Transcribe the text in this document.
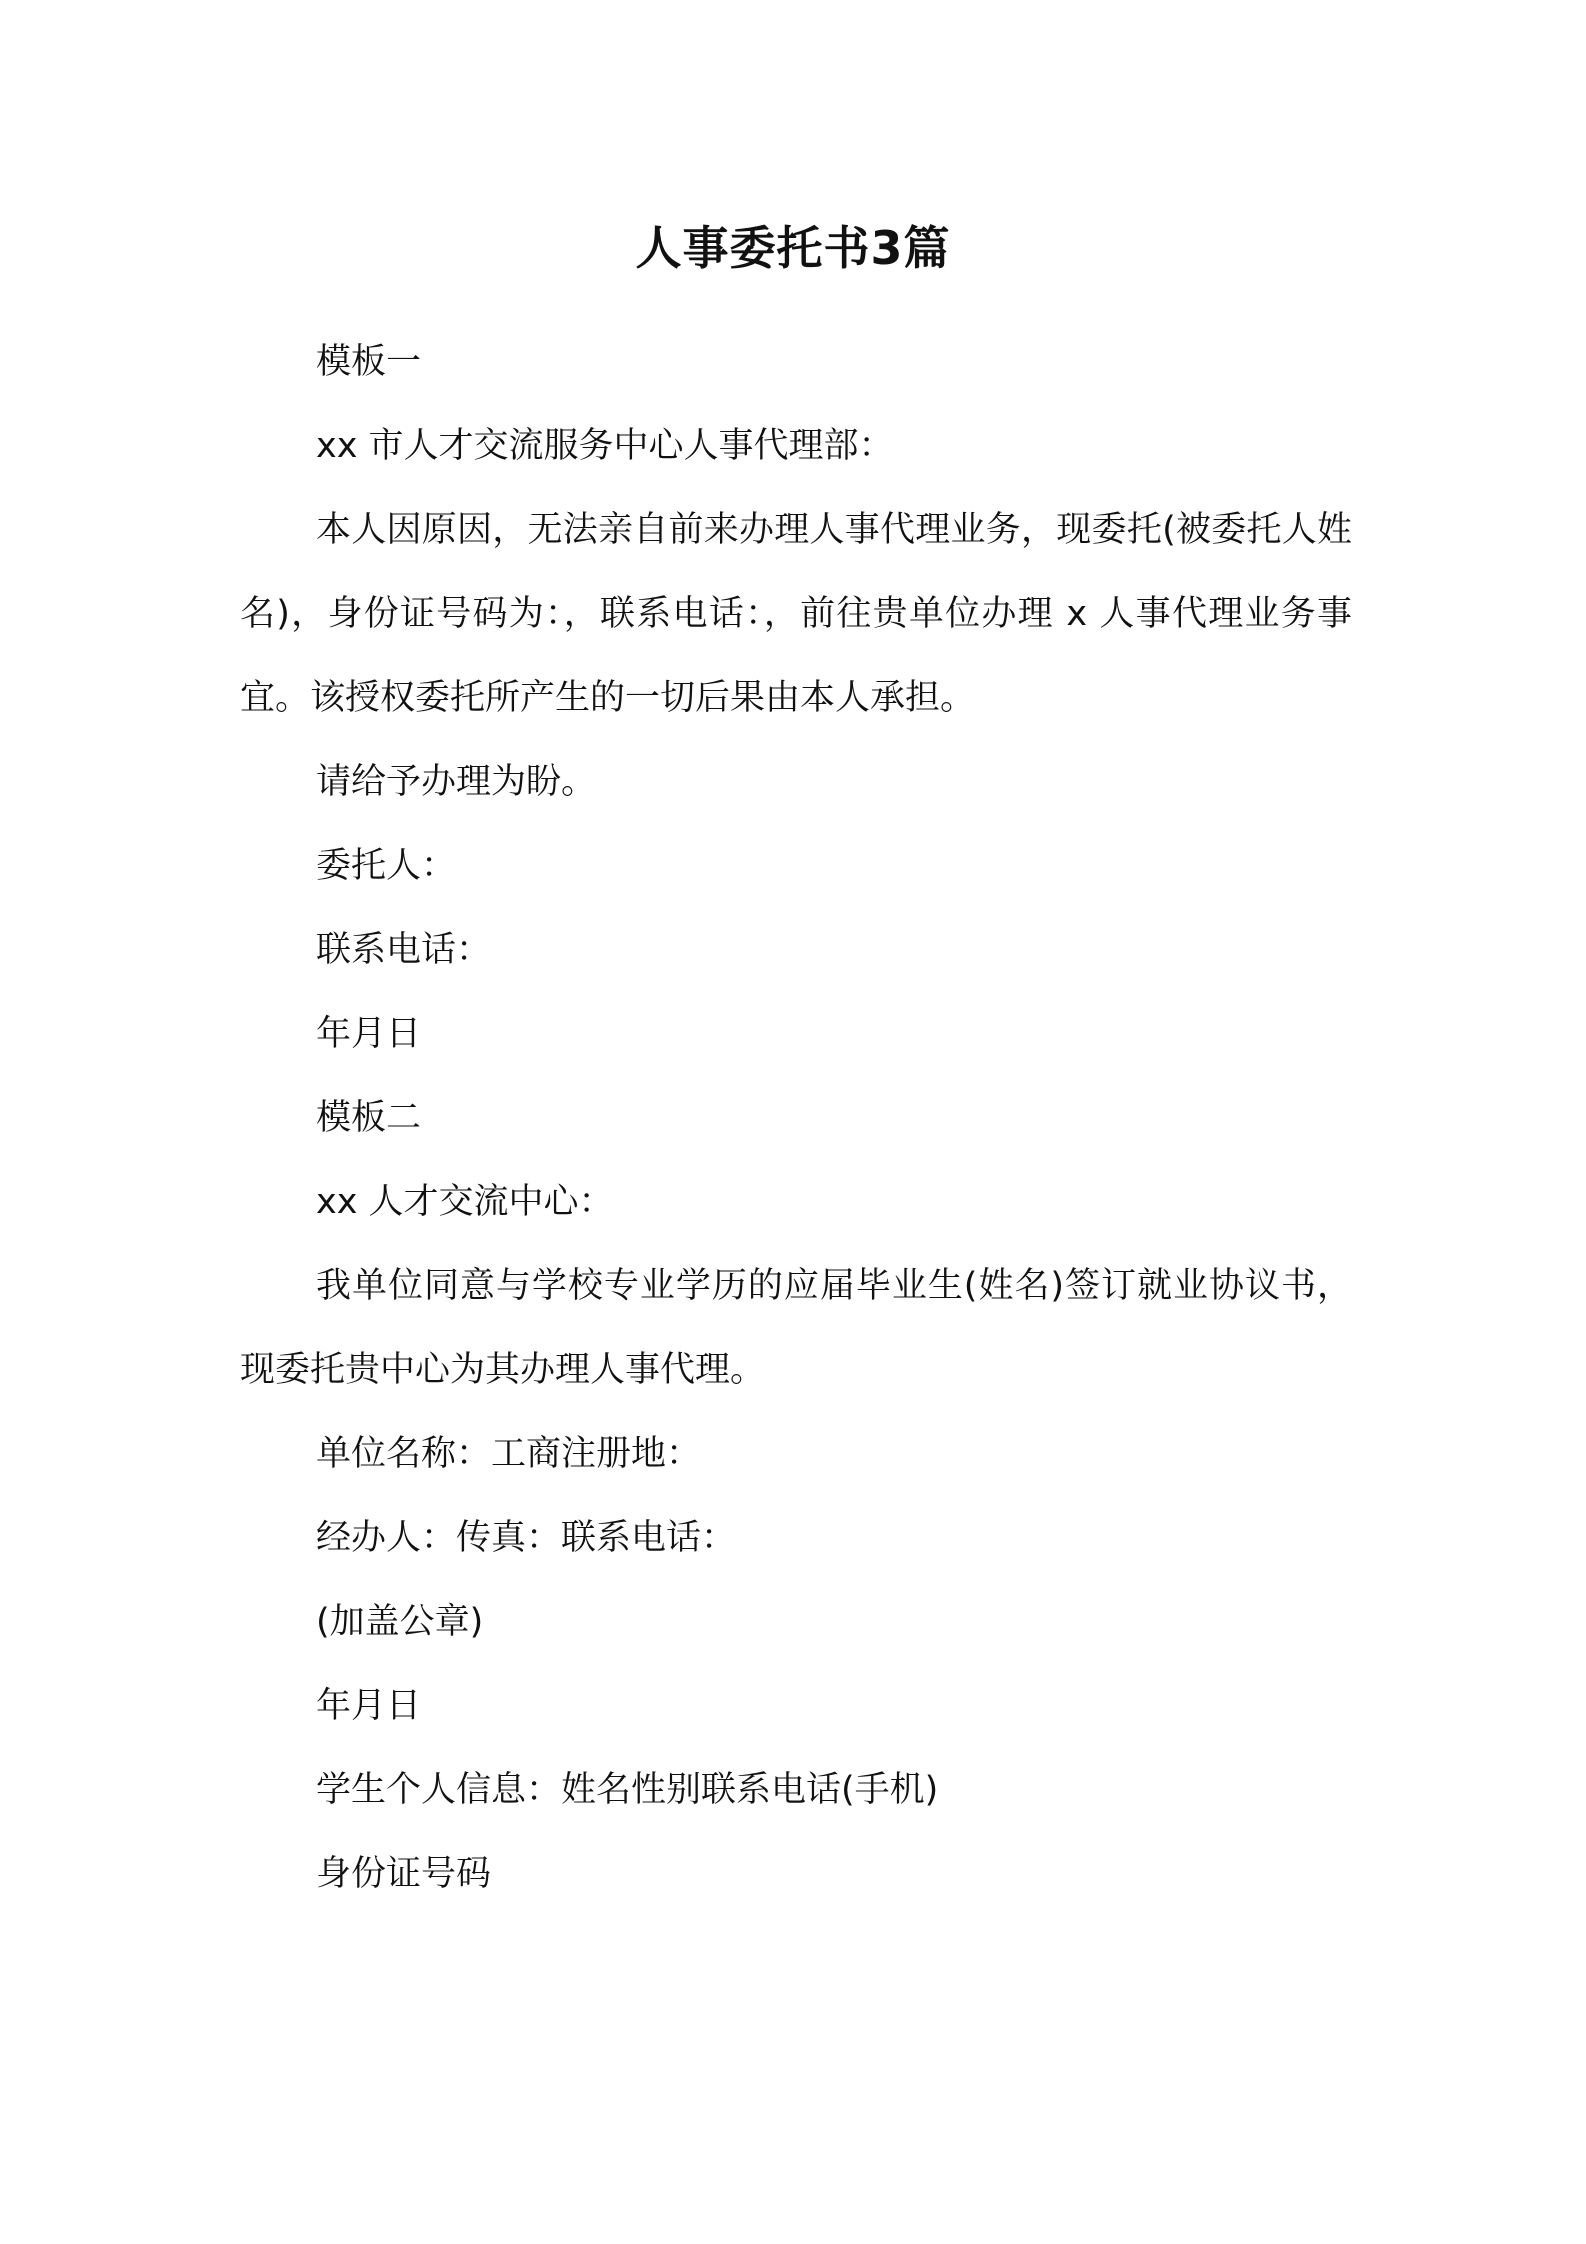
人事委托书3篇

模板一

xx 市人才交流服务中心人事代理部：

本人因原因，无法亲自前来办理人事代理业务，现委托(被委托人姓名)，身份证号码为：，联系电话：，前往贵单位办理 x 人事代理业务事宜。该授权委托所产生的一切后果由本人承担。

请给予办理为盼。

委托人：

联系电话：

年月日

模板二

xx 人才交流中心：

我单位同意与学校专业学历的应届毕业生(姓名)签订就业协议书，现委托贵中心为其办理人事代理。

单位名称：工商注册地：

经办人：传真：联系电话：

(加盖公章)

年月日

学生个人信息：姓名性别联系电话(手机)

身份证号码
